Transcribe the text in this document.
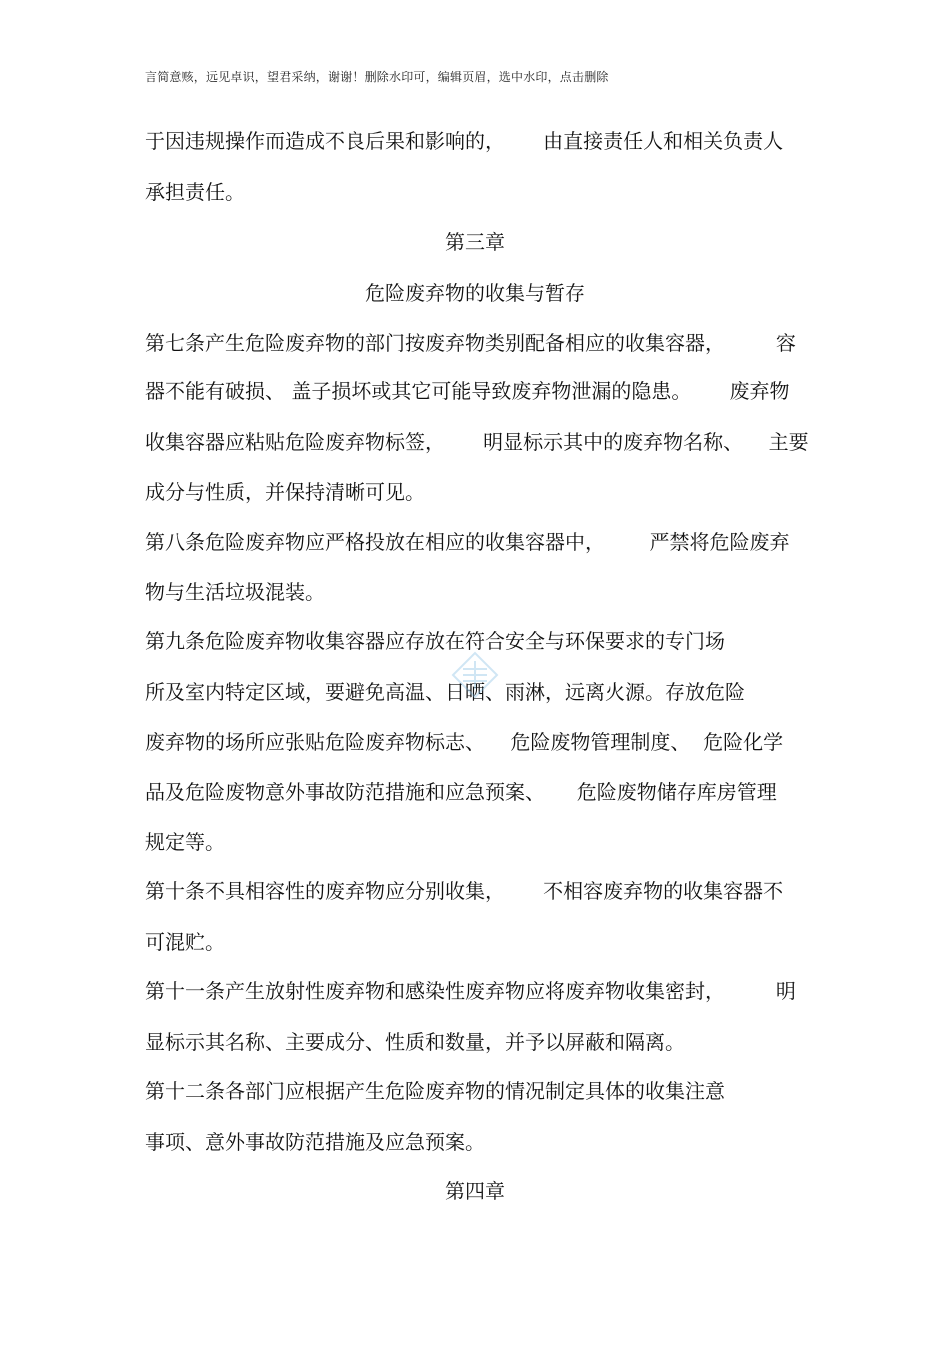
言简意赅，远见卓识，望君采纳，谢谢！删除水印可，编辑页眉，选中水印，点击删除
于因违规操作而造成不良后果和影响的，      由直接责任人和相关负责人
承担责任。
第三章
危险废弃物的收集与暂存
第七条产生危险废弃物的部门按废弃物类别配备相应的收集容器，        容
器不能有破损、 盖子损坏或其它可能导致废弃物泄漏的隐患。      废弃物
收集容器应粘贴危险废弃物标签，      明显标示其中的废弃物名称、    主要
成分与性质，并保持清晰可见。
第八条危险废弃物应严格投放在相应的收集容器中，       严禁将危险废弃
物与生活垃圾混装。
第九条危险废弃物收集容器应存放在符合安全与环保要求的专门场
所及室内特定区域，要避免高温、日晒、雨淋，远离火源。存放危险
废弃物的场所应张贴危险废弃物标志、    危险废物管理制度、  危险化学
品及危险废物意外事故防范措施和应急预案、     危险废物储存库房管理
规定等。
第十条不具相容性的废弃物应分别收集，      不相容废弃物的收集容器不
可混贮。
第十一条产生放射性废弃物和感染性废弃物应将废弃物收集密封，        明
显标示其名称、主要成分、性质和数量，并予以屏蔽和隔离。
第十二条各部门应根据产生危险废弃物的情况制定具体的收集注意
事项、意外事故防范措施及应急预案。
第四章
